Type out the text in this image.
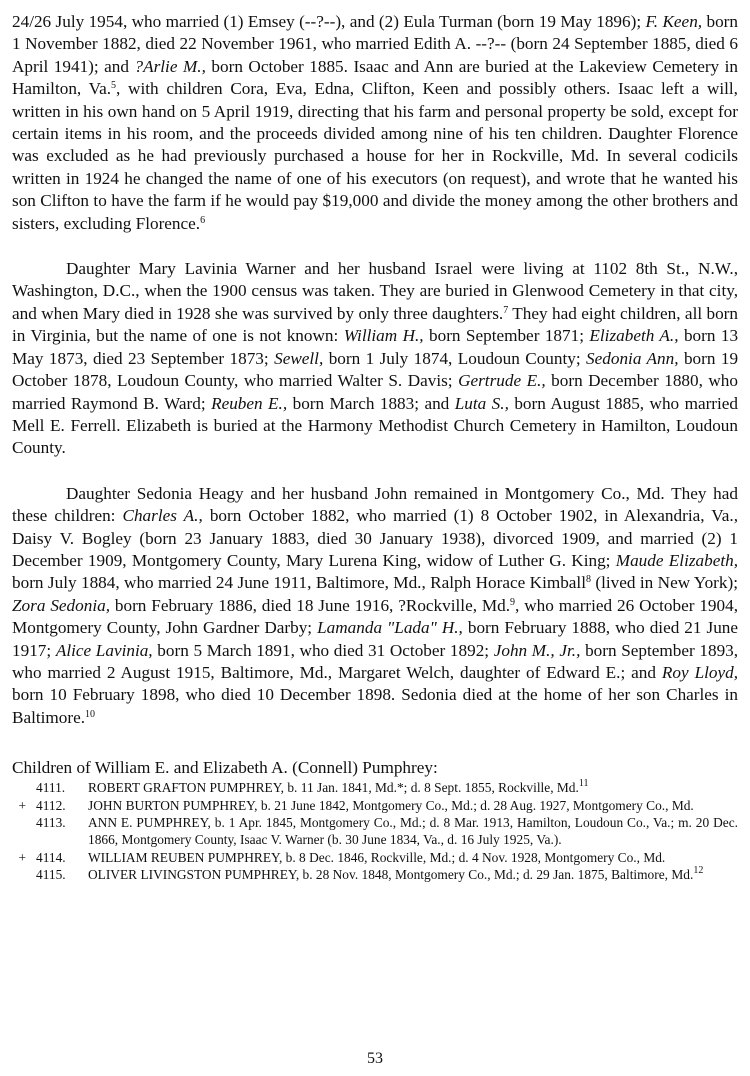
24/26 July 1954, who married (1) Emsey (--?--), and (2) Eula Turman (born 19 May 1896); F. Keen, born 1 November 1882, died 22 November 1961, who married Edith A. --?-- (born 24 September 1885, died 6 April 1941); and ?Arlie M., born October 1885. Isaac and Ann are buried at the Lakeview Cemetery in Hamilton, Va.$^5$, with children Cora, Eva, Edna, Clifton, Keen and possibly others. Isaac left a will, written in his own hand on 5 April 1919, directing that his farm and personal property be sold, except for certain items in his room, and the proceeds divided among nine of his ten children. Daughter Florence was excluded as he had previously purchased a house for her in Rockville, Md. In several codicils written in 1924 he changed the name of one of his executors (on request), and wrote that he wanted his son Clifton to have the farm if he would pay $19,000 and divide the money among the other brothers and sisters, excluding Florence.$^6$

Daughter Mary Lavinia Warner and her husband Israel were living at 1102 8th St., N.W., Washington, D.C., when the 1900 census was taken. They are buried in Glenwood Cemetery in that city, and when Mary died in 1928 she was survived by only three daughters.$^7$ They had eight children, all born in Virginia, but the name of one is not known: William H., born September 1871; Elizabeth A., born 13 May 1873, died 23 September 1873; Sewell, born 1 July 1874, Loudoun County; Sedonia Ann, born 19 October 1878, Loudoun County, who married Walter S. Davis; Gertrude E., born December 1880, who married Raymond B. Ward; Reuben E., born March 1883; and Luta S., born August 1885, who married Mell E. Ferrell. Elizabeth is buried at the Harmony Methodist Church Cemetery in Hamilton, Loudoun County.

Daughter Sedonia Heagy and her husband John remained in Montgomery Co., Md. They had these children: Charles A., born October 1882, who married (1) 8 October 1902, in Alexandria, Va., Daisy V. Bogley (born 23 January 1883, died 30 January 1938), divorced 1909, and married (2) 1 December 1909, Montgomery County, Mary Lurena King, widow of Luther G. King; Maude Elizabeth, born July 1884, who married 24 June 1911, Baltimore, Md., Ralph Horace Kimball$^8$ (lived in New York); Zora Sedonia, born February 1886, died 18 June 1916, ?Rockville, Md.$^9$, who married 26 October 1904, Montgomery County, John Gardner Darby; Lamanda "Lada" H., born February 1888, who died 21 June 1917; Alice Lavinia, born 5 March 1891, who died 31 October 1892; John M., Jr., born September 1893, who married 2 August 1915, Baltimore, Md., Margaret Welch, daughter of Edward E.; and Roy Lloyd, born 10 February 1898, who died 10 December 1898. Sedonia died at the home of her son Charles in Baltimore.$^{10}$

Children of William E. and Elizabeth A. (Connell) Pumphrey:

4111.	ROBERT GRAFTON PUMPHREY, b. 11 Jan. 1841, Md.*; d. 8 Sept. 1855, Rockville, Md.$^{11}$

+ 4112.	JOHN BURTON PUMPHREY, b. 21 June 1842, Montgomery Co., Md.; d. 28 Aug. 1927, Montgomery Co., Md.

4113.	ANN E. PUMPHREY, b. 1 Apr. 1845, Montgomery Co., Md.; d. 8 Mar. 1913, Hamilton, Loudoun Co., Va.; m. 20 Dec. 1866, Montgomery County, Isaac V. Warner (b. 30 June 1834, Va., d. 16 July 1925, Va.).

+ 4114.	WILLIAM REUBEN PUMPHREY, b. 8 Dec. 1846, Rockville, Md.; d. 4 Nov. 1928, Montgomery Co., Md.

4115.	OLIVER LIVINGSTON PUMPHREY, b. 28 Nov. 1848, Montgomery Co., Md.; d. 29 Jan. 1875, Baltimore, Md.$^{12}$

53
